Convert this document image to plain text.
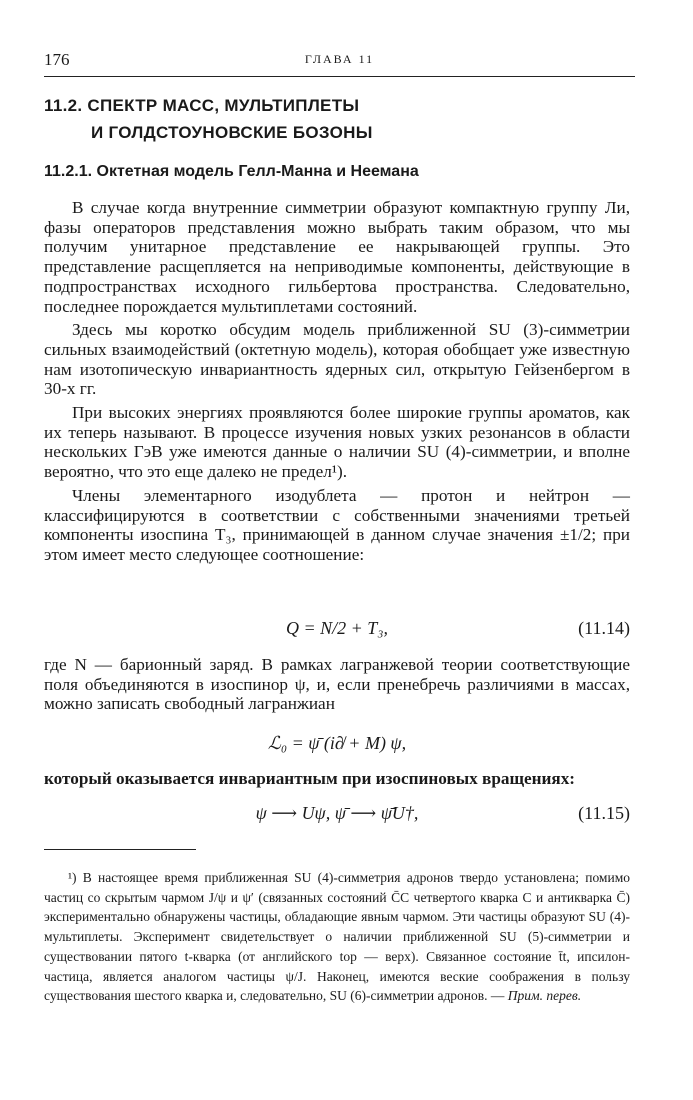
176	ГЛАВА 11
11.2. СПЕКТР МАСС, МУЛЬТИПЛЕТЫ
И ГОЛДСТОУНОВСКИЕ БОЗОНЫ
11.2.1. Октетная модель Гелл-Манна и Неемана

В случае когда внутренние симметрии образуют компактную группу Ли, фазы операторов представления можно выбрать таким образом, что мы получим унитарное представление ее накрывающей группы. Это представление расщепляется на неприводимые компоненты, действующие в подпространствах исходного гильбертова пространства. Следовательно, последнее порождается мультиплетами состояний.

Здесь мы коротко обсудим модель приближенной SU (3)-симметрии сильных взаимодействий (октетную модель), которая обобщает уже известную нам изотопическую инвариантность ядерных сил, открытую Гейзенбергом в 30-х гг.

При высоких энергиях проявляются более широкие группы ароматов, как их теперь называют. В процессе изучения новых узких резонансов в области нескольких ГэВ уже имеются данные о наличии SU (4)-симметрии, и вполне вероятно, что это еще далеко не предел¹).

Члены элементарного изодублета — протон и нейтрон — классифицируются в соответствии с собственными значениями третьей компоненты изоспина T₃, принимающей в данном случае значения ±1/2; при этом имеет место следующее соотношение:

Q = N/2 + T₃,	(11.14)

где N — барионный заряд. В рамках лагранжевой теории соответствующие поля объединяются в изоспинор ψ, и, если пренебречь различиями в массах, можно записать свободный лагранжиан

ℒ₀ = ψ̄ (i∂̸ + M) ψ,

который оказывается инвариантным при изоспиновых вращениях:

ψ ⟶ Uψ, ψ̄ ⟶ ψ̄U†,	(11.15)

¹) В настоящее время приближенная SU (4)-симметрия адронов твердо установлена; помимо частиц со скрытым чармом J/ψ и ψ′ (связанных состояний C̄C четвертого кварка C и антикварка C̄) экспериментально обнаружены частицы, обладающие явным чармом. Эти частицы образуют SU (4)-мультиплеты. Эксперимент свидетельствует о наличии приближенной SU (5)-симметрии и существовании пятого t-кварка (от английского top — верх). Связанное состояние t̄t, ипсилон-частица, является аналогом частицы ψ/J. Наконец, имеются веские соображения в пользу существования шестого кварка и, следовательно, SU (6)-симметрии адронов. — Прим. перев.
